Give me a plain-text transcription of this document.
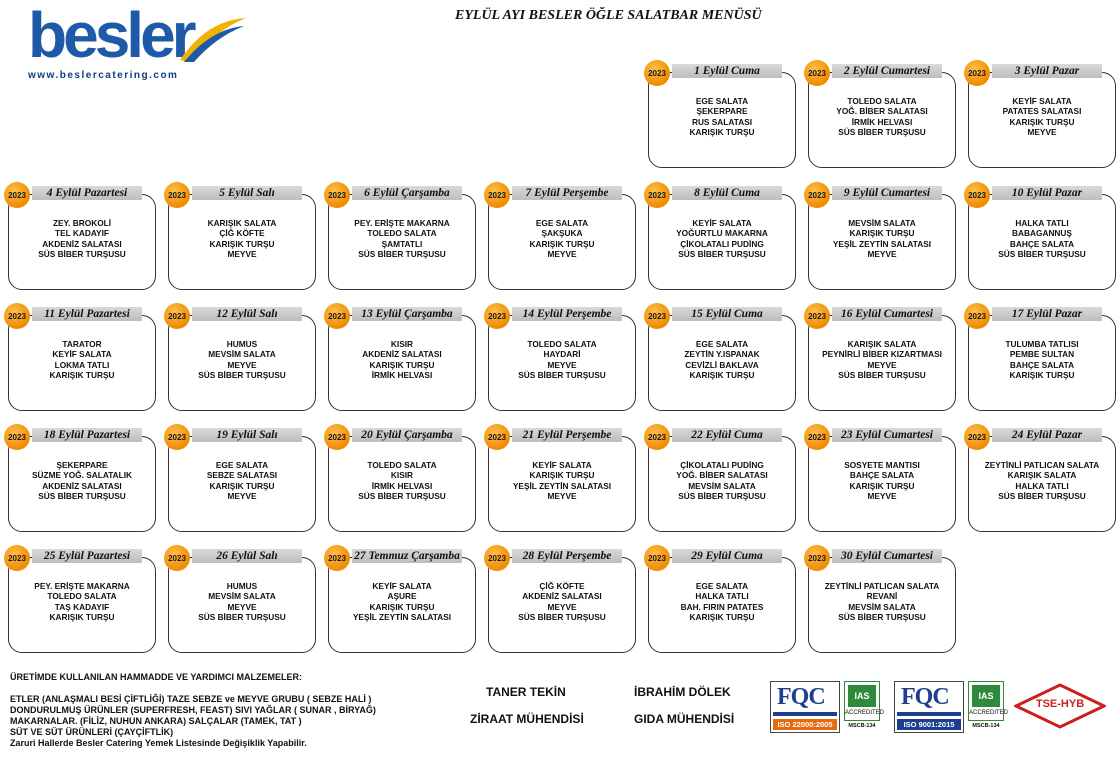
besler
www.beslercatering.com
EYLÜL AYI BESLER ÖĞLE SALATBAR MENÜSÜ
2023	1 Eylül Cuma
EGE SALATA
ŞEKERPARE
RUS SALATASI
KARIŞIK TURŞU
2023	2 Eylül Cumartesi
TOLEDO SALATA
YOĞ. BİBER SALATASI
İRMİK HELVASI
SÜS BİBER TURŞUSU
2023	3 Eylül Pazar
KEYİF SALATA
PATATES SALATASI
KARIŞIK TURŞU
MEYVE
2023	4 Eylül Pazartesi
ZEY. BROKOLİ
TEL KADAYIF
AKDENİZ SALATASI
SÜS BİBER TURŞUSU
2023	5 Eylül Salı
KARIŞIK SALATA
ÇİĞ KÖFTE
KARIŞIK TURŞU
MEYVE
2023	6 Eylül Çarşamba
PEY. ERİŞTE MAKARNA
TOLEDO SALATA
ŞAMTATLI
SÜS BİBER TURŞUSU
2023	7 Eylül Perşembe
EGE SALATA
ŞAKŞUKA
KARIŞIK TURŞU
MEYVE
2023	8 Eylül Cuma
KEYİF SALATA
YOĞURTLU MAKARNA
ÇİKOLATALI PUDİNG
SÜS BİBER TURŞUSU
2023	9 Eylül Cumartesi
MEVSİM SALATA
KARIŞIK TURŞU
YEŞİL ZEYTİN SALATASI
MEYVE
2023	10 Eylül Pazar
HALKA TATLI
BABAGANNUŞ
BAHÇE SALATA
SÜS BİBER TURŞUSU
2023	11 Eylül Pazartesi
TARATOR
KEYİF SALATA
LOKMA TATLI
KARIŞIK TURŞU
2023	12 Eylül Salı
HUMUS
MEVSİM SALATA
MEYVE
SÜS BİBER TURŞUSU
2023	13 Eylül Çarşamba
KISIR
AKDENİZ SALATASI
KARIŞIK TURŞU
İRMİK HELVASI
2023	14 Eylül Perşembe
TOLEDO SALATA
HAYDARİ
MEYVE
SÜS BİBER TURŞUSU
2023	15 Eylül Cuma
EGE SALATA
ZEYTİN Y.ISPANAK
CEVİZLİ BAKLAVA
KARIŞIK TURŞU
2023	16 Eylül Cumartesi
KARIŞIK SALATA
PEYNİRLİ BİBER KIZARTMASI
MEYVE
SÜS BİBER TURŞUSU
2023	17 Eylül Pazar
TULUMBA TATLISI
PEMBE SULTAN
BAHÇE SALATA
KARIŞIK TURŞU
2023	18 Eylül Pazartesi
ŞEKERPARE
SÜZME YOĞ. SALATALIK
AKDENİZ SALATASI
SÜS BİBER TURŞUSU
2023	19 Eylül Salı
EGE SALATA
SEBZE SALATASI
KARIŞIK TURŞU
MEYVE
2023	20 Eylül Çarşamba
TOLEDO SALATA
KISIR
İRMİK HELVASI
SÜS BİBER TURŞUSU
2023	21 Eylül Perşembe
KEYİF SALATA
KARIŞIK TURŞU
YEŞİL ZEYTİN SALATASI
MEYVE
2023	22 Eylül Cuma
ÇİKOLATALI PUDİNG
YOĞ. BİBER SALATASI
MEVSİM SALATA
SÜS BİBER TURŞUSU
2023	23 Eylül Cumartesi
SOSYETE MANTISI
BAHÇE SALATA
KARIŞIK TURŞU
MEYVE
2023	24 Eylül Pazar
ZEYTİNLİ PATLICAN SALATA
KARIŞIK SALATA
HALKA TATLI
SÜS BİBER TURŞUSU
2023	25 Eylül Pazartesi
PEY. ERİŞTE MAKARNA
TOLEDO SALATA
TAŞ KADAYIF
KARIŞIK TURŞU
2023	26 Eylül Salı
HUMUS
MEVSİM SALATA
MEYVE
SÜS BİBER TURŞUSU
2023 27 Temmuz Çarşamba
KEYİF SALATA
AŞURE
KARIŞIK TURŞU
YEŞİL ZEYTİN SALATASI
2023	28 Eylül Perşembe
ÇİĞ KÖFTE
AKDENİZ SALATASI
MEYVE
SÜS BİBER TURŞUSU
2023	29 Eylül Cuma
EGE SALATA
HALKA TATLI
BAH. FIRIN PATATES
KARIŞIK TURŞU
2023	30 Eylül Cumartesi
ZEYTİNLİ PATLICAN SALATA
REVANİ
MEVSİM SALATA
SÜS BİBER TURŞUSU
ÜRETİMDE KULLANILAN HAMMADDE VE YARDIMCI MALZEMELER:
ETLER (ANLAŞMALI BESİ ÇİFTLİĞİ) TAZE SEBZE ve MEYVE GRUBU ( SEBZE HALİ )
DONDURULMUŞ ÜRÜNLER (SUPERFRESH, FEAST) SIVI YAĞLAR ( SUNAR , BİRYAĞ)
MAKARNALAR. (FİLİZ, NUHUN ANKARA) SALÇALAR (TAMEK, TAT )
SÜT VE SÜT ÜRÜNLERİ (ÇAYÇİFTLİK)
Zaruri Hallerde Besler Catering Yemek Listesinde Değişiklik Yapabilir.
TANER TEKİN
ZİRAAT MÜHENDİSİ
İBRAHİM DÖLEK
GIDA MÜHENDİSİ
FQC
ISO 22000:2005
IAS
ACCREDITED
MSCB-134
FQC
ISO 9001:2015
IAS
ACCREDITED
MSCB-134
TSE-HYB
